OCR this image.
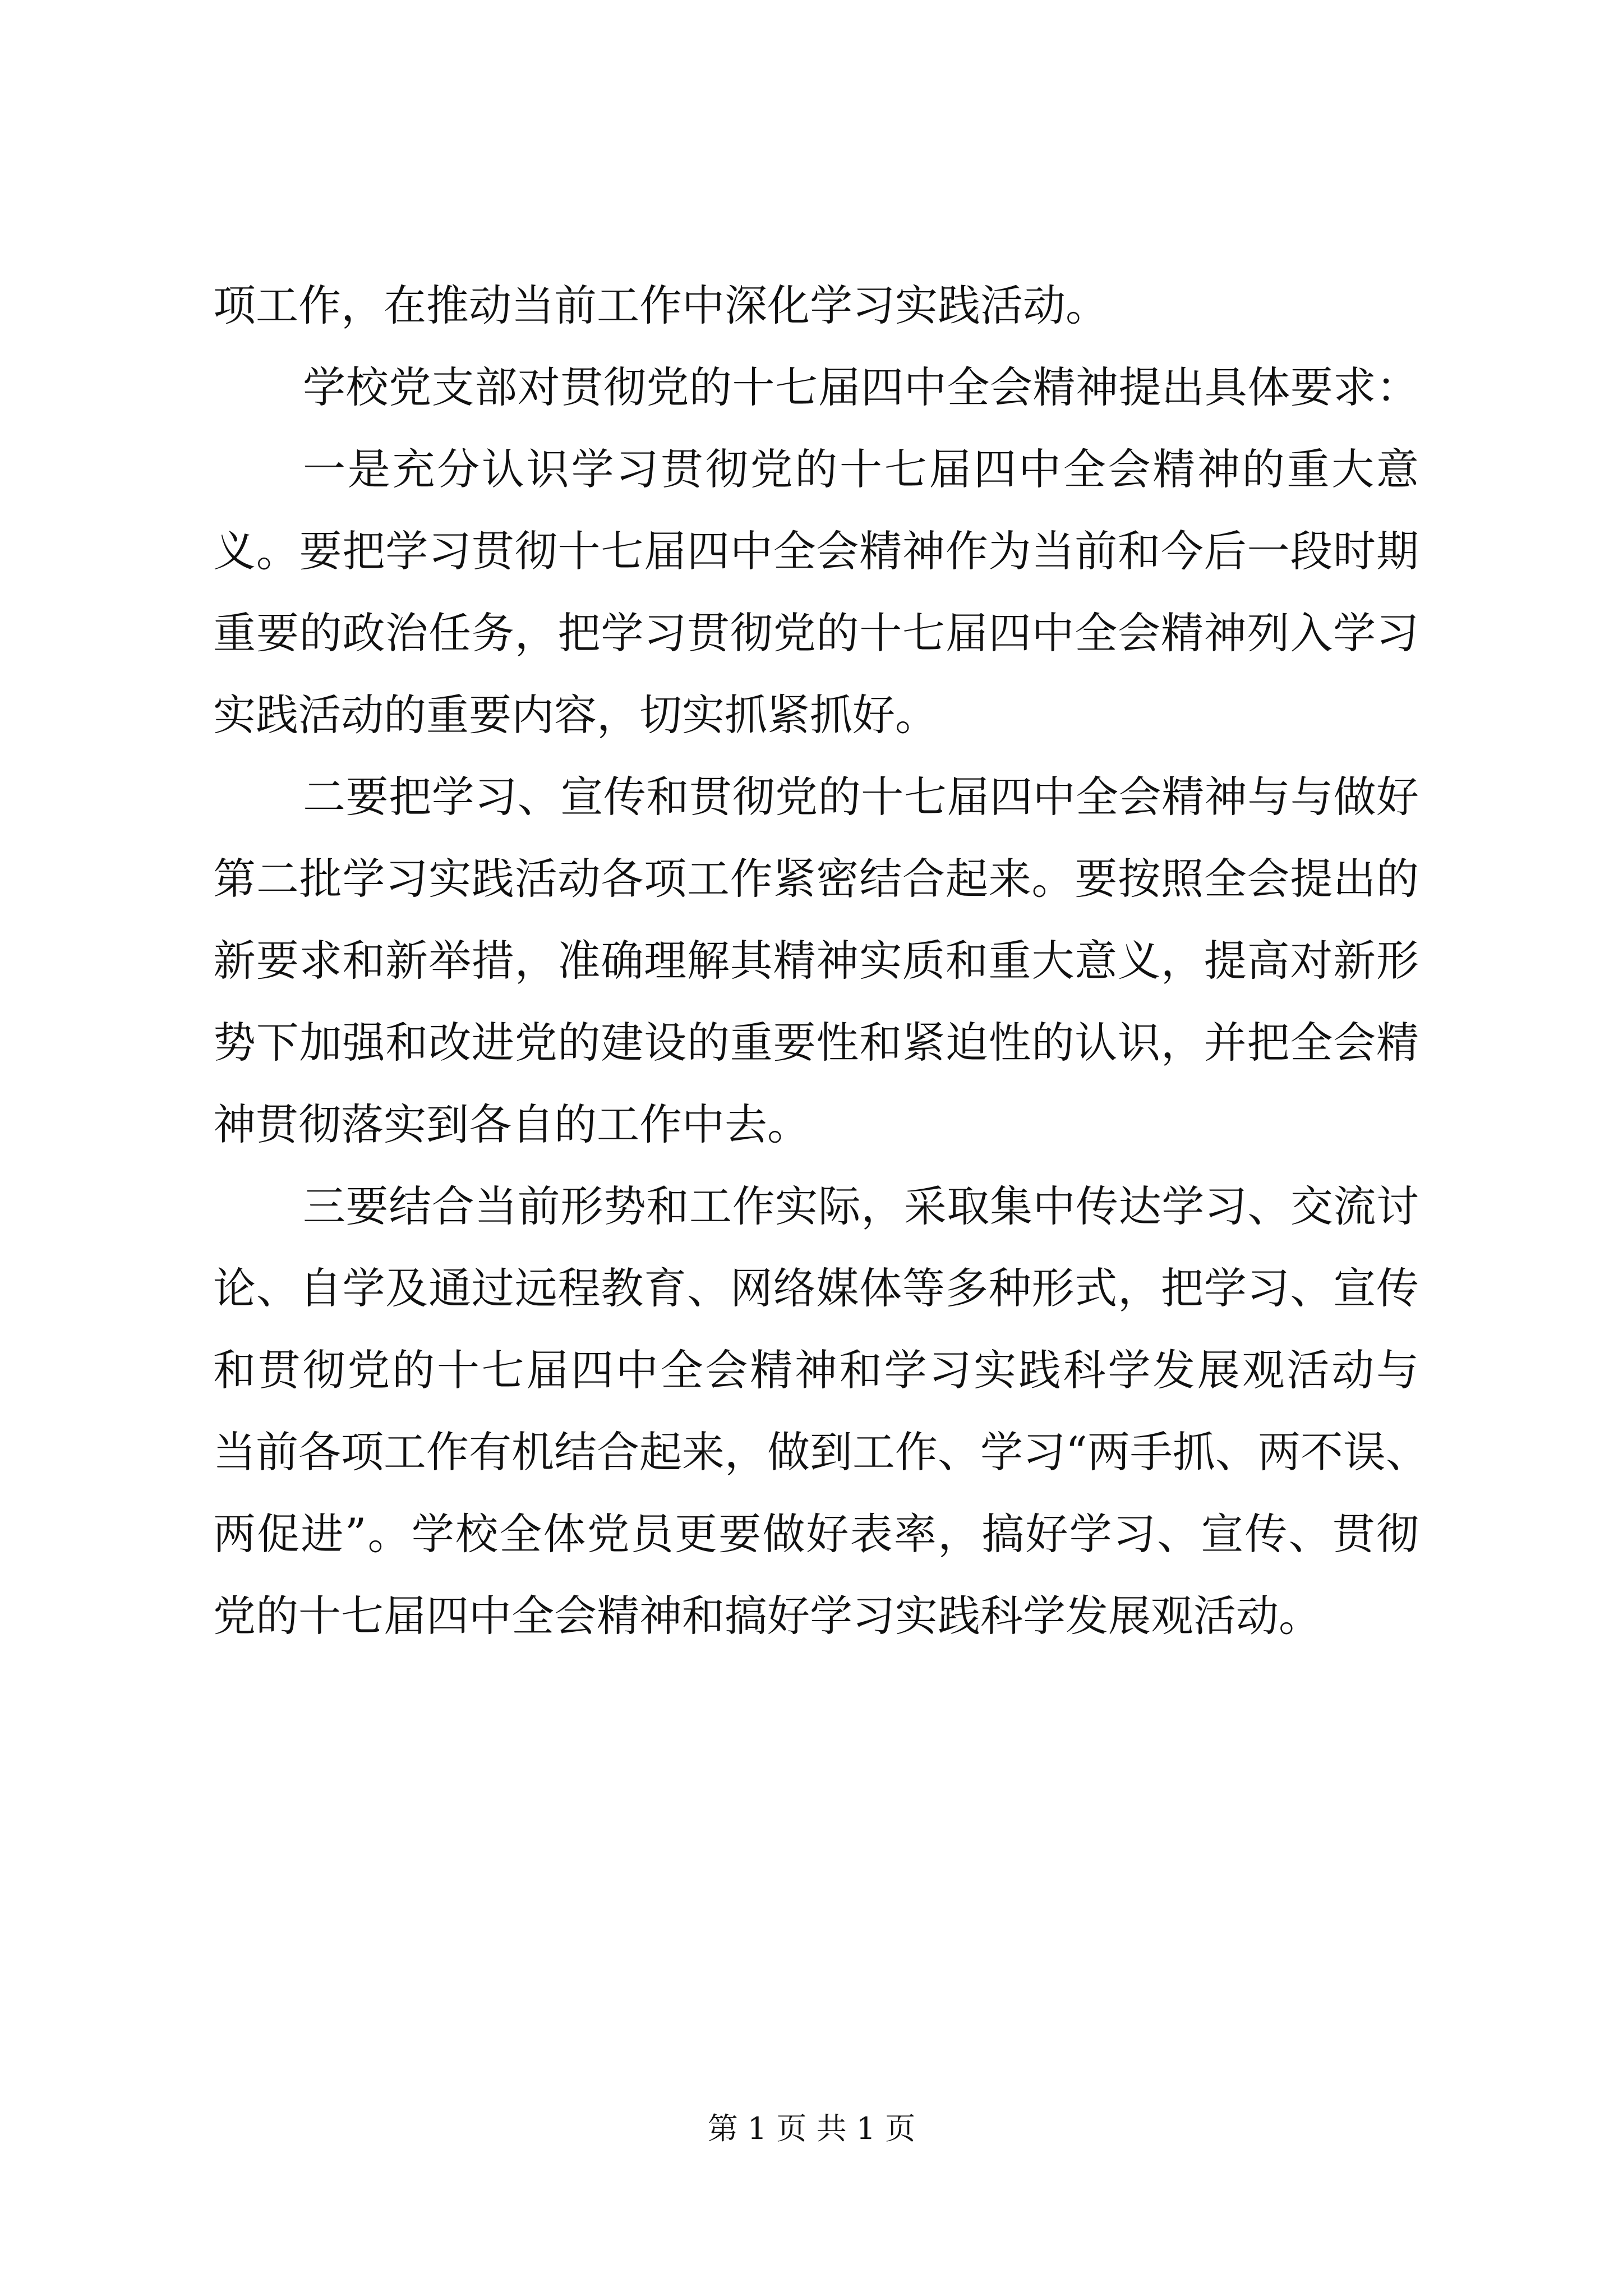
项工作，在推动当前工作中深化学习实践活动。
学校党支部对贯彻党的十七届四中全会精神提出具体要求：
一是充分认识学习贯彻党的十七届四中全会精神的重大意
义。要把学习贯彻十七届四中全会精神作为当前和今后一段时期
重要的政治任务，把学习贯彻党的十七届四中全会精神列入学习
实践活动的重要内容，切实抓紧抓好。
二要把学习、宣传和贯彻党的十七届四中全会精神与与做好
第二批学习实践活动各项工作紧密结合起来。要按照全会提出的
新要求和新举措，准确理解其精神实质和重大意义，提高对新形
势下加强和改进党的建设的重要性和紧迫性的认识，并把全会精
神贯彻落实到各自的工作中去。
三要结合当前形势和工作实际，采取集中传达学习、交流讨
论、自学及通过远程教育、网络媒体等多种形式，把学习、宣传
和贯彻党的十七届四中全会精神和学习实践科学发展观活动与
当前各项工作有机结合起来，做到工作、学习“两手抓、两不误、
两促进”。学校全体党员更要做好表率，搞好学习、宣传、贯彻
党的十七届四中全会精神和搞好学习实践科学发展观活动。
第 1 页 共 1 页
